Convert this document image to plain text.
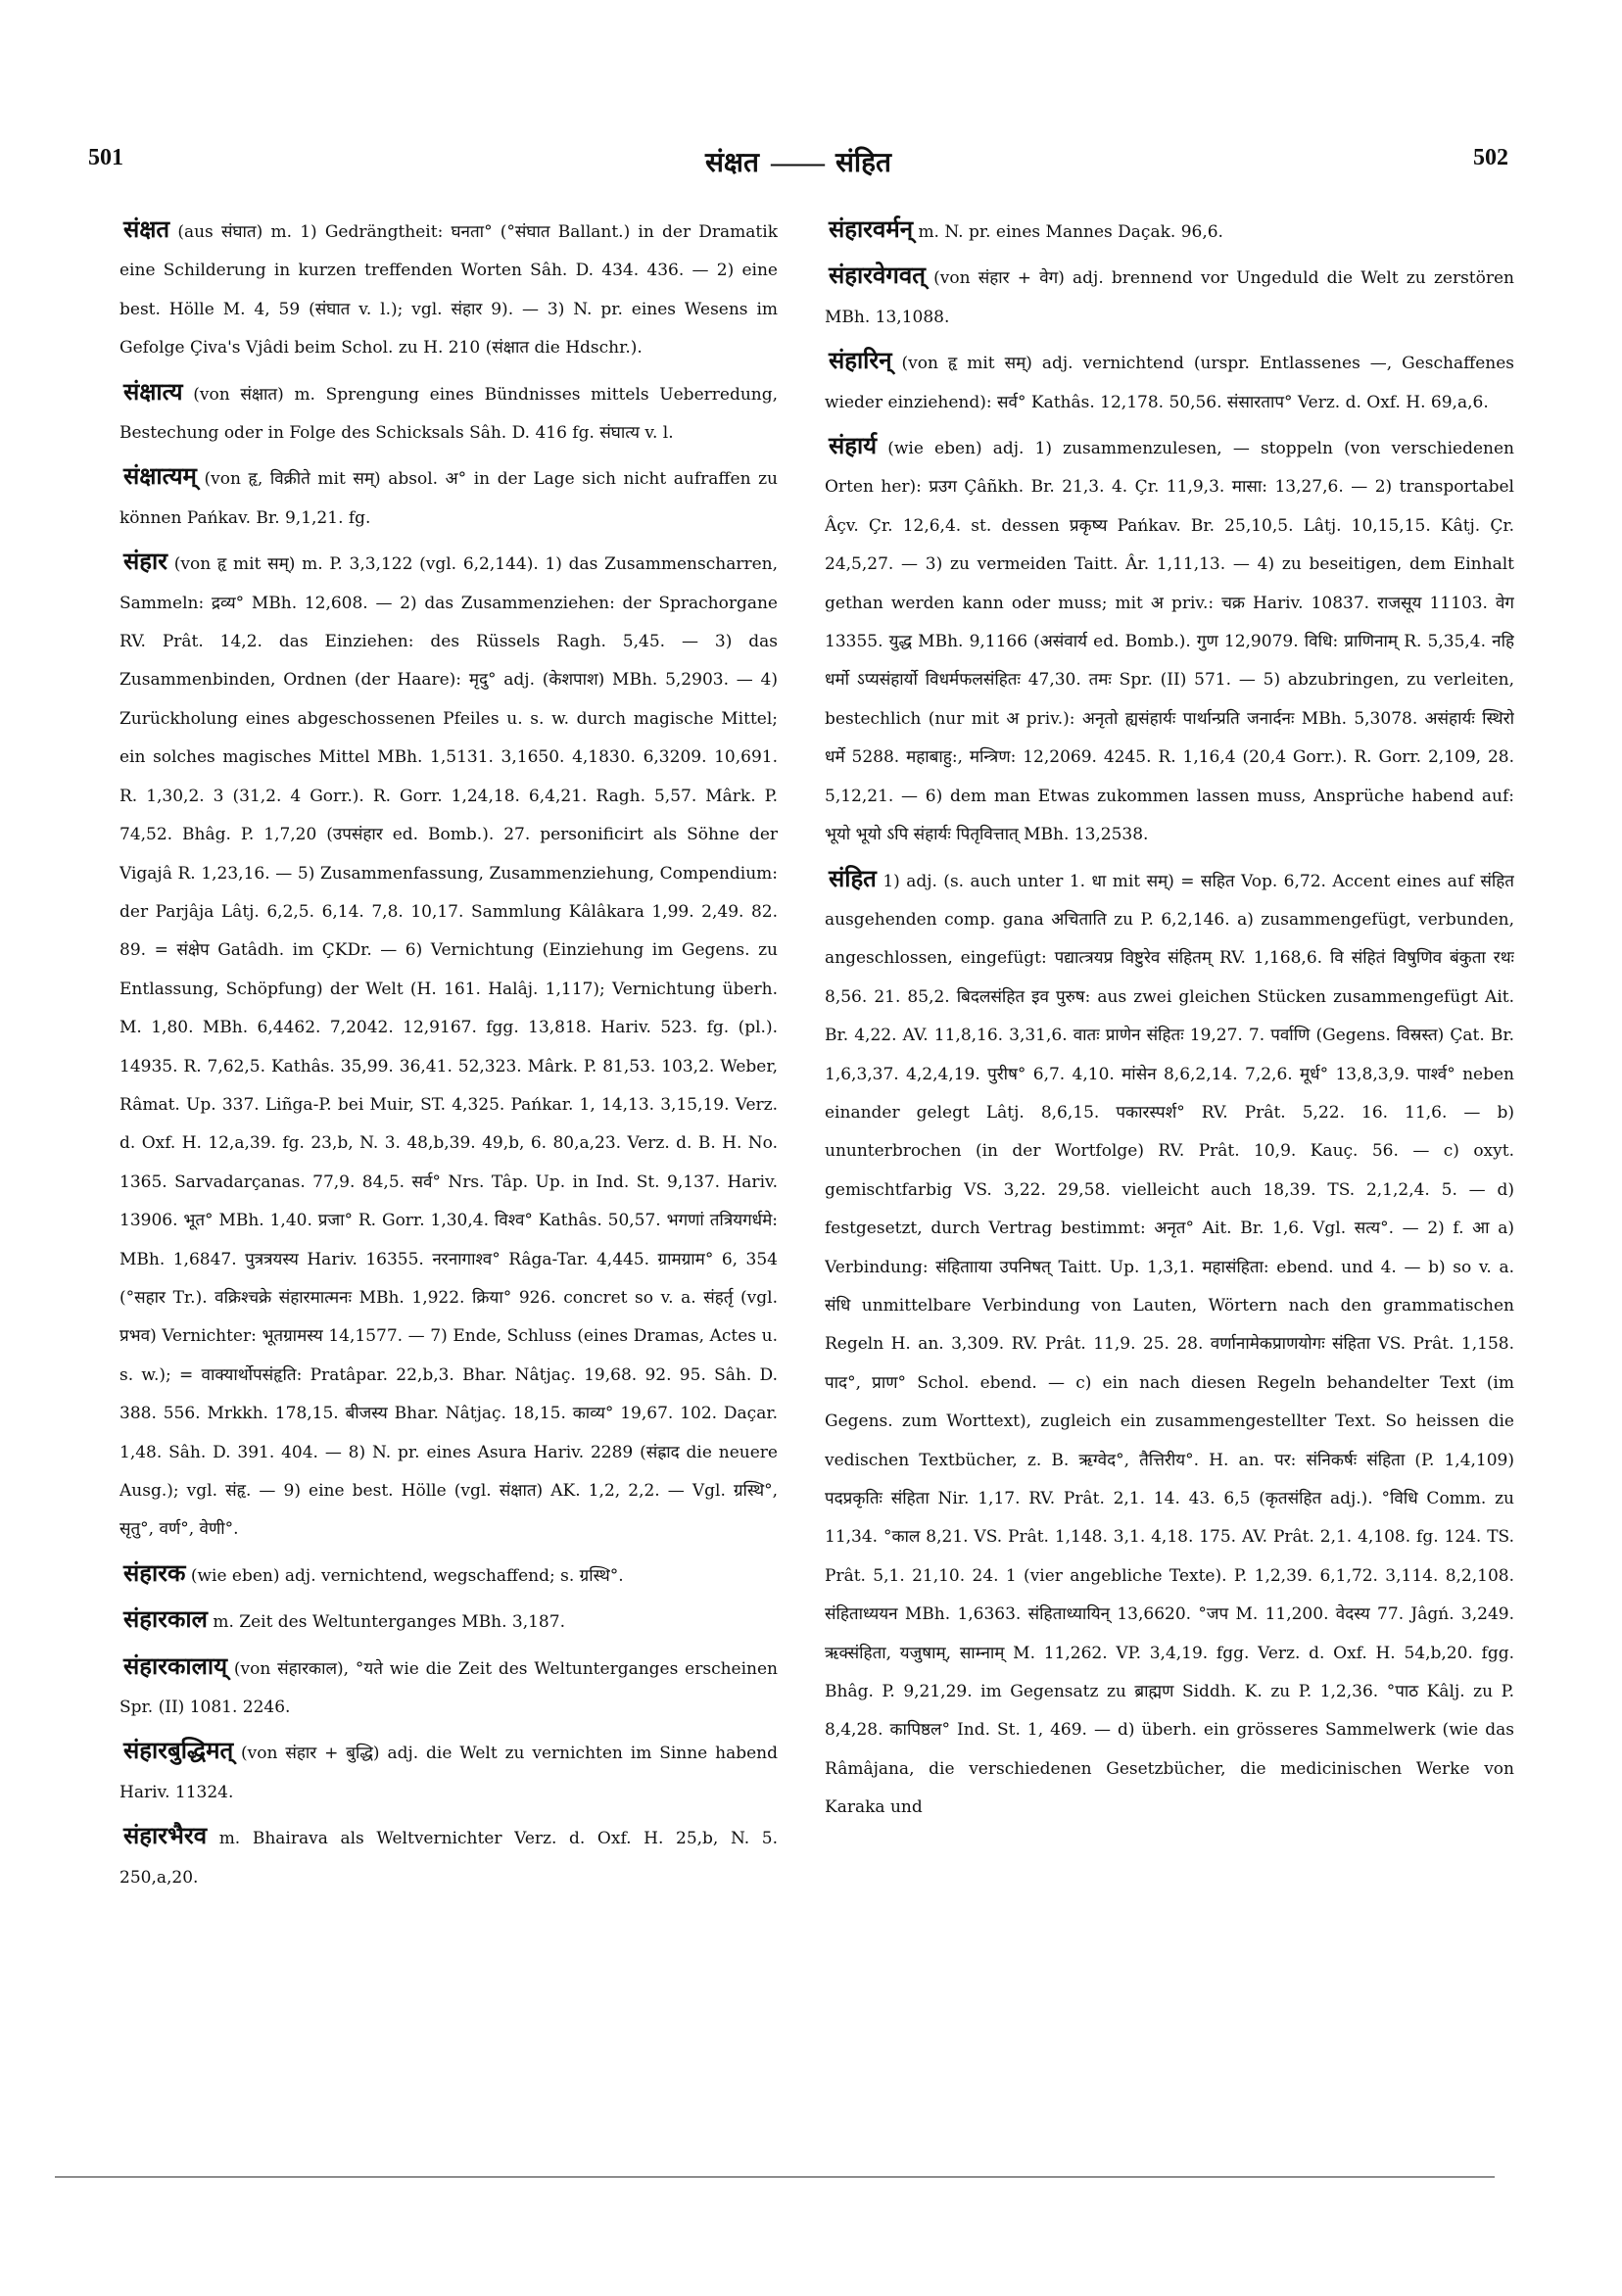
501	संक्षत —— संहित	502

संक्षत (aus संघात) m. 1) Gedrängtheit: घनता° (°संघात Ballant.) in der Dramatik eine Schilderung in kurzen treffenden Worten Sâh. D. 434. 436. — 2) eine best. Hölle M. 4, 59 (संघात v. l.); vgl. संहार 9). — 3) N. pr. eines Wesens im Gefolge Çiva's Vjâdi beim Schol. zu H. 210 (संक्षात die Hdschr.).

संक्षात्य (von संक्षात) m. Sprengung eines Bündnisses mittels Ueberredung, Bestechung oder in Folge des Schicksals Sâh. D. 416 fg. संघात्य v. l.

संक्षात्यम् (von हृ, विक्रीते mit सम्) absol. अ° in der Lage sich nicht aufraffen zu können Pańkav. Br. 9,1,21. fg.

संहार (von हृ mit सम्) m. P. 3,3,122 (vgl. 6,2,144). 1) das Zusammenscharren, Sammeln: द्रव्य° MBh. 12,608. — 2) das Zusammenziehen: der Sprachorgane RV. Prât. 14,2. das Einziehen: des Rüssels Ragh. 5,45. — 3) das Zusammenbinden, Ordnen (der Haare): मृदु° adj. (केशपाश) MBh. 5,2903. — 4) Zurückholung eines abgeschossenen Pfeiles u. s. w. durch magische Mittel; ein solches magisches Mittel MBh. 1,5131. 3,1650. 4,1830. 6,3209. 10,691. R. 1,30,2. 3 (31,2. 4 Gorr.). R. Gorr. 1,24,18. 6,4,21. Ragh. 5,57. Mârk. P. 74,52. Bhâg. P. 1,7,20 (उपसंहार ed. Bomb.). 27. personificirt als Söhne der Vigajâ R. 1,23,16. — 5) Zusammenfassung, Zusammenziehung, Compendium: der Parjâja Lâtj. 6,2,5. 6,14. 7,8. 10,17. Sammlung Kâlâkara 1,99. 2,49. 82. 89. = संक्षेप Gatâdh. im ÇKDr. — 6) Vernichtung (Einziehung im Gegens. zu Entlassung, Schöpfung) der Welt (H. 161. Halâj. 1,117); Vernichtung überh. M. 1,80. MBh. 6,4462. 7,2042. 12,9167. fgg. 13,818. Hariv. 523. fg. (pl.). 14935. R. 7,62,5. Kathâs. 35,99. 36,41. 52,323. Mârk. P. 81,53. 103,2. Weber, Râmat. Up. 337. Liñga-P. bei Muir, ST. 4,325. Pańkar. 1, 14,13. 3,15,19. Verz. d. Oxf. H. 12,a,39. fg. 23,b, N. 3. 48,b,39. 49,b, 6. 80,a,23. Verz. d. B. H. No. 1365. Sarvadarçanas. 77,9. 84,5. सर्व° Nrs. Tâp. Up. in Ind. St. 9,137. Hariv. 13906. भूत° MBh. 1,40. प्रजा° R. Gorr. 1,30,4. विश्व° Kathâs. 50,57. भगणां तत्रियगर्धमे: MBh. 1,6847. पुत्रत्रयस्य Hariv. 16355. नरनागाश्व° Râga-Tar. 4,445. ग्रामग्राम° 6, 354 (°सहार Tr.). वक्रिश्चक्रे संहारमात्मनः MBh. 1,922. क्रिया° 926. concret so v. a. संहर्तृ (vgl. प्रभव) Vernichter: भूतग्रामस्य 14,1577. — 7) Ende, Schluss (eines Dramas, Actes u. s. w.); = वाक्यार्थोपसंहृति: Pratâpar. 22,b,3. Bhar. Nâtjaç. 19,68. 92. 95. Sâh. D. 388. 556. Mrkkh. 178,15. बीजस्य Bhar. Nâtjaç. 18,15. काव्य° 19,67. 102. Daçar. 1,48. Sâh. D. 391. 404. — 8) N. pr. eines Asura Hariv. 2289 (संह्राद die neuere Ausg.); vgl. संहृ. — 9) eine best. Hölle (vgl. संक्षात) AK. 1,2, 2,2. — Vgl. ग्रस्थि°, सृतु°, वर्ण°, वेणी°.

संहारक (wie eben) adj. vernichtend, wegschaffend; s. ग्रस्थि°.

संहारकाल m. Zeit des Weltunterganges MBh. 3,187.

संहारकालाय् (von संहारकाल), °यते wie die Zeit des Weltunterganges erscheinen Spr. (II) 1081. 2246.

संहारबुद्धिमत् (von संहार + बुद्धि) adj. die Welt zu vernichten im Sinne habend Hariv. 11324.

संहारभैरव m. Bhairava als Weltvernichter Verz. d. Oxf. H. 25,b, N. 5. 250,a,20.

संहारवर्मन् m. N. pr. eines Mannes Daçak. 96,6.

संहारवेगवत् (von संहार + वेग) adj. brennend vor Ungeduld die Welt zu zerstören MBh. 13,1088.

संहारिन् (von हृ mit सम्) adj. vernichtend (urspr. Entlassenes —, Geschaffenes wieder einziehend): सर्व° Kathâs. 12,178. 50,56. संसारताप° Verz. d. Oxf. H. 69,a,6.

संहार्य (wie eben) adj. 1) zusammenzulesen, — stoppeln (von verschiedenen Orten her): प्रउग Çâñkh. Br. 21,3. 4. Çr. 11,9,3. मासा: 13,27,6. — 2) transportabel Âçv. Çr. 12,6,4. st. dessen प्रकृष्य Pańkav. Br. 25,10,5. Lâtj. 10,15,15. Kâtj. Çr. 24,5,27. — 3) zu vermeiden Taitt. Âr. 1,11,13. — 4) zu beseitigen, dem Einhalt gethan werden kann oder muss; mit अ priv.: चक्र Hariv. 10837. राजसूय 11103. वेग 13355. युद्ध MBh. 9,1166 (असंवार्य ed. Bomb.). गुण 12,9079. विधि: प्राणिनाम् R. 5,35,4. नहि धर्मो ऽप्यसंहार्यो विधर्मफलसंहितः 47,30. तमः Spr. (II) 571. — 5) abzubringen, zu verleiten, bestechlich (nur mit अ priv.): अनृतो ह्यसंहार्यः पार्थान्प्रति जनार्दनः MBh. 5,3078. असंहार्यः स्थिरो धर्मे 5288. महाबाहु:, मन्त्रिण: 12,2069. 4245. R. 1,16,4 (20,4 Gorr.). R. Gorr. 2,109, 28. 5,12,21. — 6) dem man Etwas zukommen lassen muss, Ansprüche habend auf: भूयो भूयो ऽपि संहार्यः पितृवित्तात् MBh. 13,2538.

संहित 1) adj. (s. auch unter 1. धा mit सम्) = सहित Vop. 6,72. Accent eines auf संहित ausgehenden comp. gana अचिताति zu P. 6,2,146. a) zusammengefügt, verbunden, angeschlossen, eingefügt: पद्यात्त्रयप्र विष्टुरेव संहितम् RV. 1,168,6. वि संहितं विषुणिव बंकुता रथः 8,56. 21. 85,2. बिदलसंहित इव पुरुष: aus zwei gleichen Stücken zusammengefügt Ait. Br. 4,22. AV. 11,8,16. 3,31,6. वातः प्राणेन संहितः 19,27. 7. पर्वाणि (Gegens. विस्रस्त) Çat. Br. 1,6,3,37. 4,2,4,19. पुरीष° 6,7. 4,10. मांसेन 8,6,2,14. 7,2,6. मूर्ध° 13,8,3,9. पार्श्व° neben einander gelegt Lâtj. 8,6,15. पकारस्पर्श° RV. Prât. 5,22. 16. 11,6. — b) ununterbrochen (in der Wortfolge) RV. Prât. 10,9. Kauç. 56. — c) oxyt. gemischtfarbig VS. 3,22. 29,58. vielleicht auch 18,39. TS. 2,1,2,4. 5. — d) festgesetzt, durch Vertrag bestimmt: अनृत° Ait. Br. 1,6. Vgl. सत्य°. — 2) f. आ a) Verbindung: संहितााया उपनिषत् Taitt. Up. 1,3,1. महासंहिता: ebend. und 4. — b) so v. a. संधि unmittelbare Verbindung von Lauten, Wörtern nach den grammatischen Regeln H. an. 3,309. RV. Prât. 11,9. 25. 28. वर्णानामेकप्राणयोगः संहिता VS. Prât. 1,158. पाद°, प्राण° Schol. ebend. — c) ein nach diesen Regeln behandelter Text (im Gegens. zum Worttext), zugleich ein zusammengestellter Text. So heissen die vedischen Textbücher, z. B. ऋग्वेद°, तैत्तिरीय°. H. an. पर: संनिकर्षः संहिता (P. 1,4,109) पदप्रकृतिः संहिता Nir. 1,17. RV. Prât. 2,1. 14. 43. 6,5 (कृतसंहित adj.). °विधि Comm. zu 11,34. °काल 8,21. VS. Prât. 1,148. 3,1. 4,18. 175. AV. Prât. 2,1. 4,108. fg. 124. TS. Prât. 5,1. 21,10. 24. 1 (vier angebliche Texte). P. 1,2,39. 6,1,72. 3,114. 8,2,108. संहिताध्ययन MBh. 1,6363. संहिताध्यायिन् 13,6620. °जप M. 11,200. वेदस्य 77. Jâgń. 3,249. ऋक्संहिता, यजुषाम्, साम्नाम् M. 11,262. VP. 3,4,19. fgg. Verz. d. Oxf. H. 54,b,20. fgg. Bhâg. P. 9,21,29. im Gegensatz zu ब्राह्मण Siddh. K. zu P. 1,2,36. °पाठ Kâlj. zu P. 8,4,28. कापिष्ठल° Ind. St. 1, 469. — d) überh. ein grösseres Sammelwerk (wie das Râmâjana, die verschiedenen Gesetzbücher, die medicinischen Werke von Karaka und
